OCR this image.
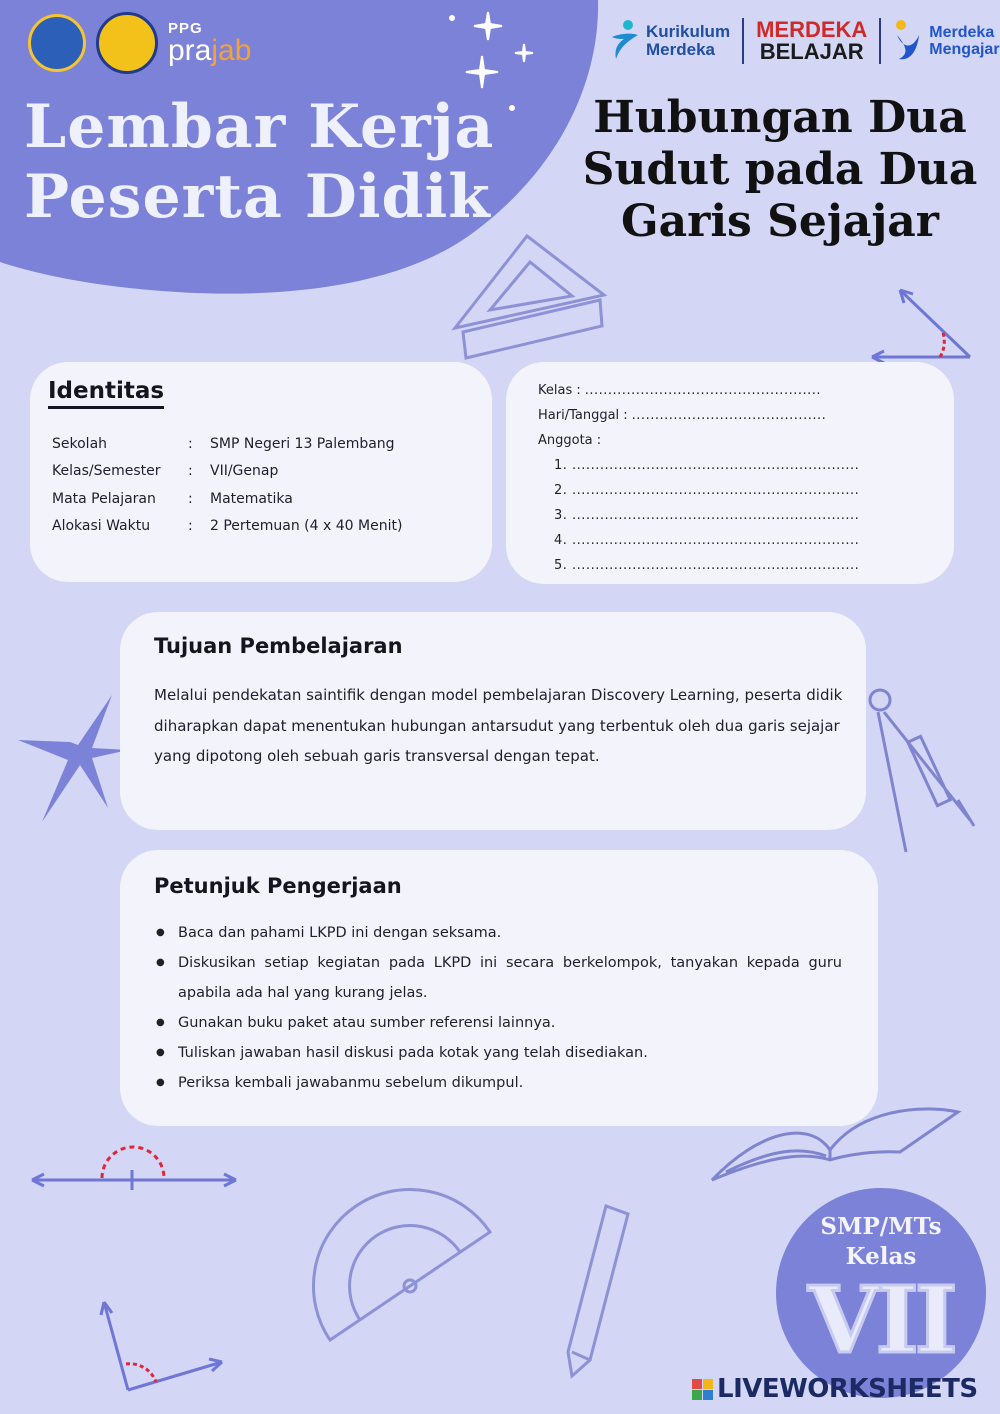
PPG
prajab
Lembar Kerja
Peserta Didik
Kurikulum
Merdeka
MERDEKA
BELAJAR
Merdeka
Mengajar
Hubungan Dua
Sudut pada Dua
Garis Sejajar
Identitas
Sekolah	:	SMP Negeri 13 Palembang
Kelas/Semester	:	VII/Genap
Mata Pelajaran	:	Matematika
Alokasi Waktu	:	2 Pertemuan (4 x 40 Menit)
Kelas : ...................................................
Hari/Tanggal : ..........................................
Anggota :
1. ..............................................................
2. ..............................................................
3. ..............................................................
4. ..............................................................
5. ..............................................................
Tujuan Pembelajaran
Melalui pendekatan saintifik dengan model pembelajaran Discovery Learning, peserta didik diharapkan dapat menentukan hubungan antarsudut yang terbentuk oleh dua garis sejajar yang dipotong oleh sebuah garis transversal dengan tepat.
Petunjuk Pengerjaan
● Baca dan pahami LKPD ini dengan seksama.
● Diskusikan setiap kegiatan pada LKPD ini secara berkelompok, tanyakan kepada guru apabila ada hal yang kurang jelas.
● Gunakan buku paket atau sumber referensi lainnya.
● Tuliskan jawaban hasil diskusi pada kotak yang telah disediakan.
● Periksa kembali jawabanmu sebelum dikumpul.
SMP/MTs
Kelas
VII
LIVEWORKSHEETS
